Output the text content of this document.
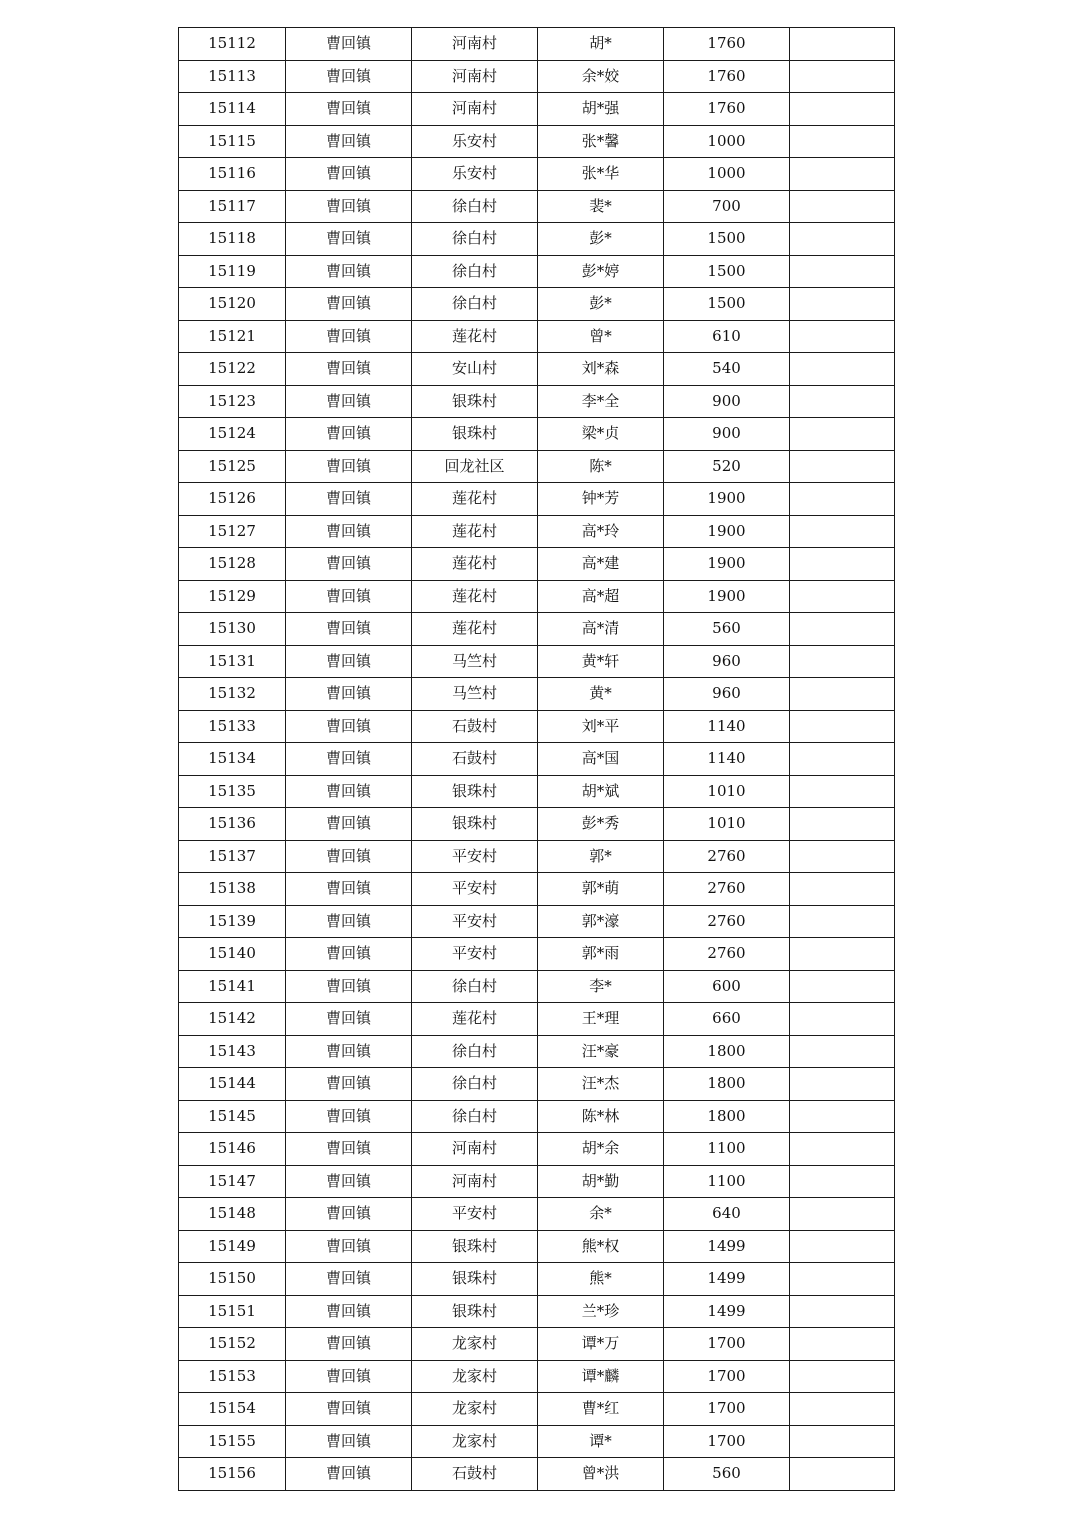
15112	曹回镇	河南村	胡*	1760	
15113	曹回镇	河南村	余*姣	1760	
15114	曹回镇	河南村	胡*强	1760	
15115	曹回镇	乐安村	张*馨	1000	
15116	曹回镇	乐安村	张*华	1000	
15117	曹回镇	徐白村	裴*	700	
15118	曹回镇	徐白村	彭*	1500	
15119	曹回镇	徐白村	彭*婷	1500	
15120	曹回镇	徐白村	彭*	1500	
15121	曹回镇	莲花村	曾*	610	
15122	曹回镇	安山村	刘*森	540	
15123	曹回镇	银珠村	李*全	900	
15124	曹回镇	银珠村	梁*贞	900	
15125	曹回镇	回龙社区	陈*	520	
15126	曹回镇	莲花村	钟*芳	1900	
15127	曹回镇	莲花村	高*玲	1900	
15128	曹回镇	莲花村	高*建	1900	
15129	曹回镇	莲花村	高*超	1900	
15130	曹回镇	莲花村	高*清	560	
15131	曹回镇	马竺村	黄*轩	960	
15132	曹回镇	马竺村	黄*	960	
15133	曹回镇	石鼓村	刘*平	1140	
15134	曹回镇	石鼓村	高*国	1140	
15135	曹回镇	银珠村	胡*斌	1010	
15136	曹回镇	银珠村	彭*秀	1010	
15137	曹回镇	平安村	郭*	2760	
15138	曹回镇	平安村	郭*萌	2760	
15139	曹回镇	平安村	郭*濠	2760	
15140	曹回镇	平安村	郭*雨	2760	
15141	曹回镇	徐白村	李*	600	
15142	曹回镇	莲花村	王*理	660	
15143	曹回镇	徐白村	汪*豪	1800	
15144	曹回镇	徐白村	汪*杰	1800	
15145	曹回镇	徐白村	陈*林	1800	
15146	曹回镇	河南村	胡*余	1100	
15147	曹回镇	河南村	胡*勤	1100	
15148	曹回镇	平安村	余*	640	
15149	曹回镇	银珠村	熊*权	1499	
15150	曹回镇	银珠村	熊*	1499	
15151	曹回镇	银珠村	兰*珍	1499	
15152	曹回镇	龙家村	谭*万	1700	
15153	曹回镇	龙家村	谭*麟	1700	
15154	曹回镇	龙家村	曹*红	1700	
15155	曹回镇	龙家村	谭*	1700	
15156	曹回镇	石鼓村	曾*洪	560	
